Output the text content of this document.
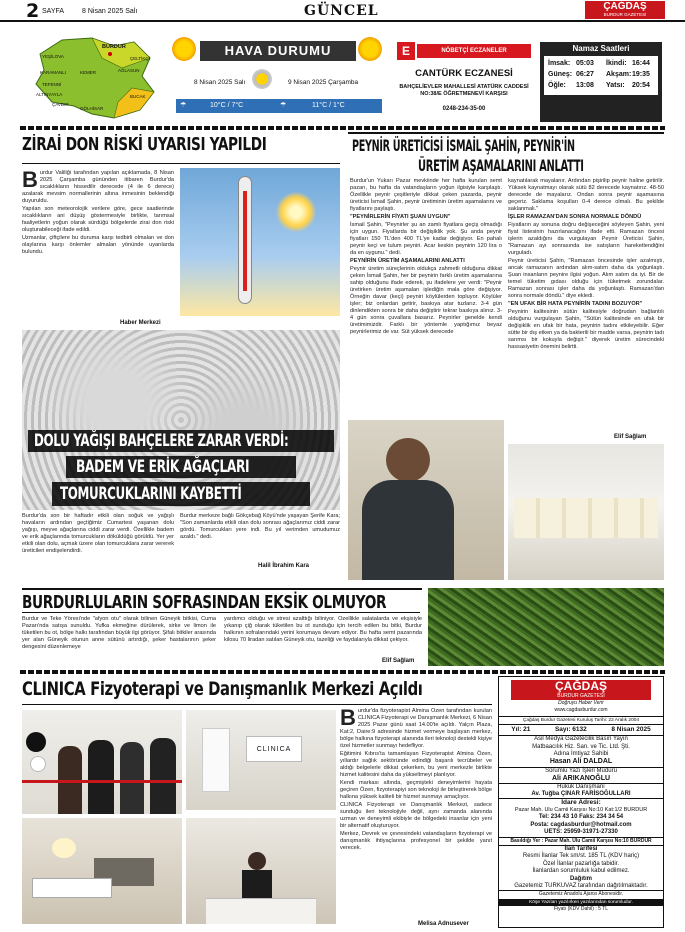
2 SAYFA	8 Nisan 2025 Salı	GÜNCEL	ÇAĞDAŞ
BURDUR GAZETESİ
BURDUR
YEŞİLOVA
KARAMANLI
TEFENNİ
ALTINYAYLA
ÇAVDIR
GÖLHİSAR
BUCAK
AĞLASUN
ÇELTİKÇİ
KEMER
HAVA DURUMU
8 Nisan 2025 Salı	9 Nisan 2025 Çarşamba
☂	10°C / 7°C	☂	11°C / 1°C
E	NÖBETÇİ ECZANELER
CANTÜRK ECZANESİ
BAHÇELİEVLER MAHALLESİ ATATÜRK CADDESİ NO:38/E ÖĞRETMENEVİ KARŞISI
0248-234-35-00
Namaz Saatleri
İmsak: 05:03 İkindi: 16:44
Güneş: 06:27 Akşam: 19:35
Öğle: 13:08 Yatsı: 20:54
ZİRAİ DON RİSKİ UYARISI YAPILDI
B urdur Valiliği tarafından yapılan açıklamada, 8 Nisan 2025 Çarşamba gününden itibaren Burdur'da sıcaklıkların hissedilir derecede (4 ile 6 derece) azalarak mevsim normallerinin altına inmesinin beklendiği duyuruldu.

Yapılan son meteorolojik verilere göre, gece saatlerinde sıcaklıkların ani düşüş göstermesiyle birlikte, tarımsal faaliyetlerin yoğun olarak sürdüğü bölgelerde zirai don riski oluşturabileceği ifade edildi.

Uzmanlar, çiftçilere bu duruma karşı tedbirli olmaları ve don olaylarına karşı önlemler almaları yönünde uyarılarda bulundu.

Haber Merkezi
DOLU YAĞIŞI BAHÇELERE ZARAR VERDİ:
BADEM VE ERİK AĞAÇLARI
TOMURCUKLARINI KAYBETTİ
Burdur'da son bir haftadır etkili olan soğuk ve yağışlı havaların ardından geçtiğimiz Cumartesi yaşanan dolu yağışı, meyve ağaçlarına ciddi zarar verdi. Özellikle badem ve erik ağaçlarında tomurcukların döküldüğü görüldü. Yer yer etkili olan dolu, açmak üzere olan tomurcuklara zarar vererek üreticileri endişelendirdi.
Burdur merkeze bağlı Gökçebağ Köyü'nde yaşayan Şerife Kara; "Son zamanlarda etkili olan dolu sonrası ağaçlarımız ciddi zarar gördü. Tomurcukları yere indi. Bu yıl verimden umudumuz azaldı." dedi.
Halil İbrahim Kara
PEYNİR ÜRETİCİSİ İSMAİL ŞAHİN, PEYNİR'İN
ÜRETİM AŞAMALARINI ANLATTI

Burdur'un Yukarı Pazar mevkiinde her hafta kurulan semt pazarı, bu hafta da vatandaşların yoğun ilgisiyle karşılaştı. Özellikle peynir çeşitleriyle dikkat çeken pazarda, peynir üreticisi İsmail Şahin, peynir üretiminin üretim aşamalarını ve fiyatlarını paylaştı.

"PEYNİRLERİN FİYATI ŞUAN UYGUN"

İsmail Şahin, "Peynirler şu an zamlı fiyatlara geçiş olmadığı için uygun. Fiyatlarda bir değişiklik yok. Şu anda peynir fiyatları 150 TL'den 400 TL'ye kadar değişiyor. En pahalı peynir keçi ve tulum peyniri. Acar keskin peynirin 120 lira o da en uygunu." dedi.

PEYNİRİN ÜRETİM AŞAMALARINI ANLATTI

Peynir üretim süreçlerinin oldukça zahmetli olduğuna dikkat çeken İsmail Şahin, her bir peynirin farklı üretim aşamalarına sahip olduğunu ifade ederek, şu ifadelere yer verdi: "Peynir üretirken üretim aşamaları işlediğin mala göre değişiyor. Örneğin davar (keçi) peyniri köylülerden topluyor. Köylüler işler; biz onlardan getirir, baskıya atar tuzlarız. 3-4 gün dinlendikten sonra bir daha değiştirir tekrar baskıya alınız. 3-4 gün sonra çuvallara basarız. Peynirler genelde kendi üretimimizdir. Farklı bir yöntemle yaptığımız beyaz peynirlerimiz de var. Süt yüksek derecede

kaynatılarak mayalanır. Ardından pişirilip peynir haline getirilir. Yüksek kaynatmayı olarak sütü 82 derecede kaynatırız. 48-50 derecede de mayalarız. Ondan sonra peynir aşamasına geçeriz. Saklama koşulları 0-4 derece olmalı. Bu şekilde saklanmalı."

İŞLER RAMAZAN'DAN SONRA NORMALE DÖNDÜ

Fiyatların ay sonuna doğru değişeceğini söyleyen Şahin, yeni fiyat listesinin hazırlanacağını ifade etti. Ramazan öncesi işlerin azaldığını da vurgulayan Peynir Üreticisi Şahin, "Ramazan ayı sonrasında ise satışların hareketlendiğini vurguladı.

Peynir üreticisi Şahin, "Ramazan öncesinde işler azalmıştı, ancak ramazanın ardından alım-satım daha da yoğunlaştı. Şuan insanların peynire ilgisi yoğun. Alım satım da iyi. Bir de temel tüketim gıdası olduğu için tüketmek zorundalar. Ramazan sonrası işler daha da yoğunlaştı. Ramazan'dan sonra normale döndü." diye ekledi.

"EN UFAK BİR HATA PEYNİRİN TADINI BOZUYOR"

Peynirin kalitesinin sütün kalitesiyle doğrudan bağlantılı olduğunu vurgulayan Şahin, "Sütün kalitesinde en ufak bir değişiklik en ufak bir hata, peynirin tadını etkileyebilir. Eğer sütte bir dış etken ya da bakterili bir madde varsa, peynirin tadı sarımsı bir kokuyla değişir." diyerek üretim sürecindeki hassasiyetin önemini belirtti.

Elif Sağlam
BURDURLULARIN SOFRASINDAN EKSİK OLMUYOR
Burdur ve Teke Yöresi'nde "afyon otu" olarak bilinen Güneyik bitkisi, Cuma Pazarı'nda satışa sunuldu. Yufka ekmeğine dürülerek, sirke ve limon ile tüketilen bu ot, bölge halkı tarafından büyük ilgi görüyor. Şifalı bitkiler arasında yer alan Güneyik otunun anne sütünü artırdığı, şeker hastalarının şeker dengesini düzenlemeye
yardımcı olduğu ve stresi azalttığı biliniyor. Özellikle salatalarda ve ekşisiyle yıkanıp çiğ olarak tüketilen bu ot sunduğu için tercih edilen bu bitki, Burdur halkının sofralarındaki yerini korumaya devam ediyor. Bu hafta semt pazarında kilosu 70 liradan satılan Güneyik otu, tazeliği ve faydalarıyla dikkat çekiyor.
Elif Sağlam
CLINICA Fizyoterapi ve Danışmanlık Merkezi Açıldı
CLINICA
B urdur'da fizyoterapist Almina Özen tarafından kurulan CLINICA Fizyoterapi ve Danışmanlık Merkezi, 6 Nisan 2025 Pazar günü saat 14.00'te açıldı. Yalçın Plaza, Kat:2, Daire:9 adresinde hizmet vermeye başlayan merkez, bölge halkına fizyoterapi alanında ileri teknoloji destekli kişiye özel hizmetler sunmayı hedefliyor.

Eğitimini Kıbrıs'ta tamamlayan Fizyoterapist Almina Özen, yıllardır sağlık sektöründe edindiği başarılı tecrübeler ve aldığı belgelerle dikkat çekerken, bu yeni merkezle birlikte hizmet kalitesini daha da yükseltmeyi planlıyor.

Kendi markası altında, geçmişteki deneyimlerini hayata geçiren Özen, fizyoterapiyi son teknoloji ile birleştirerek bölge halkına yüksek kaliteli bir hizmet sunmayı amaçlıyor.

CLINICA Fizyoterapi ve Danışmanlık Merkezi, sadece sunduğu ileri teknolojiyle değil, aynı zamanda alanında uzman ve deneyimli ekibiyle de bölgedeki insanlar için yeni bir alternatif oluşturuyor.

Merkez, Devrek ve çevresindeki vatandaşların fizyoterapi ve danışmanlık ihtiyaçlarına profesyonel bir şekilde yanıt verecek.

Melisa Adnusever
ÇAĞDAŞ
BURDUR GAZETESİ
Doğruyu Haber Verir
www.cagdasburdur.com
Çağdaş Burdur Gazetesi Kuruluş Tarihi: 22 Aralık 2004
Yıl: 21	Sayı: 6132	8 Nisan 2025
Asil Medya Gazetecilik Basın Yayın
Matbaacılık Hiz. San. ve Tic. Ltd. Şti.
Adına İmtiyaz Sahibi
Hasan Ali DALDAL
Sorumlu Yazı İşleri Müdürü
Ali ARIKANOĞLU
Hukuk Danışmanı
Av. Tuğba ÇINAR FARİSOĞULLARI
İdare Adresi:
Pazar Mah. Ulu Camii Karşısı No:10 Kat:1/2 BURDUR
Tel: 234 43 10 Faks: 234 34 54
Posta: cagdasburdur@hotmail.com
UETS: 25959-31971-27330
Basıldığı Yer : Pazar Mah. Ulu Camii Karşısı No:10 BURDUR
İlan Tarifesi
Resmi İlanlar Tek sm/st. 185 TL (KDV hariç)
Özel İlanlar pazarlığa tabidir.
İlanlardan sorumluluk kabul edilmez.
Dağıtım
Gazetemiz TURKUVAZ tarafından dağıtılmaktadır.
Gazetemiz Anadolu Ajansı Abonesidir.
Köşe Yazıları yazılırken yazılarından sorumludur.
Fiyatı (KDV Dahil) : 5 TL
